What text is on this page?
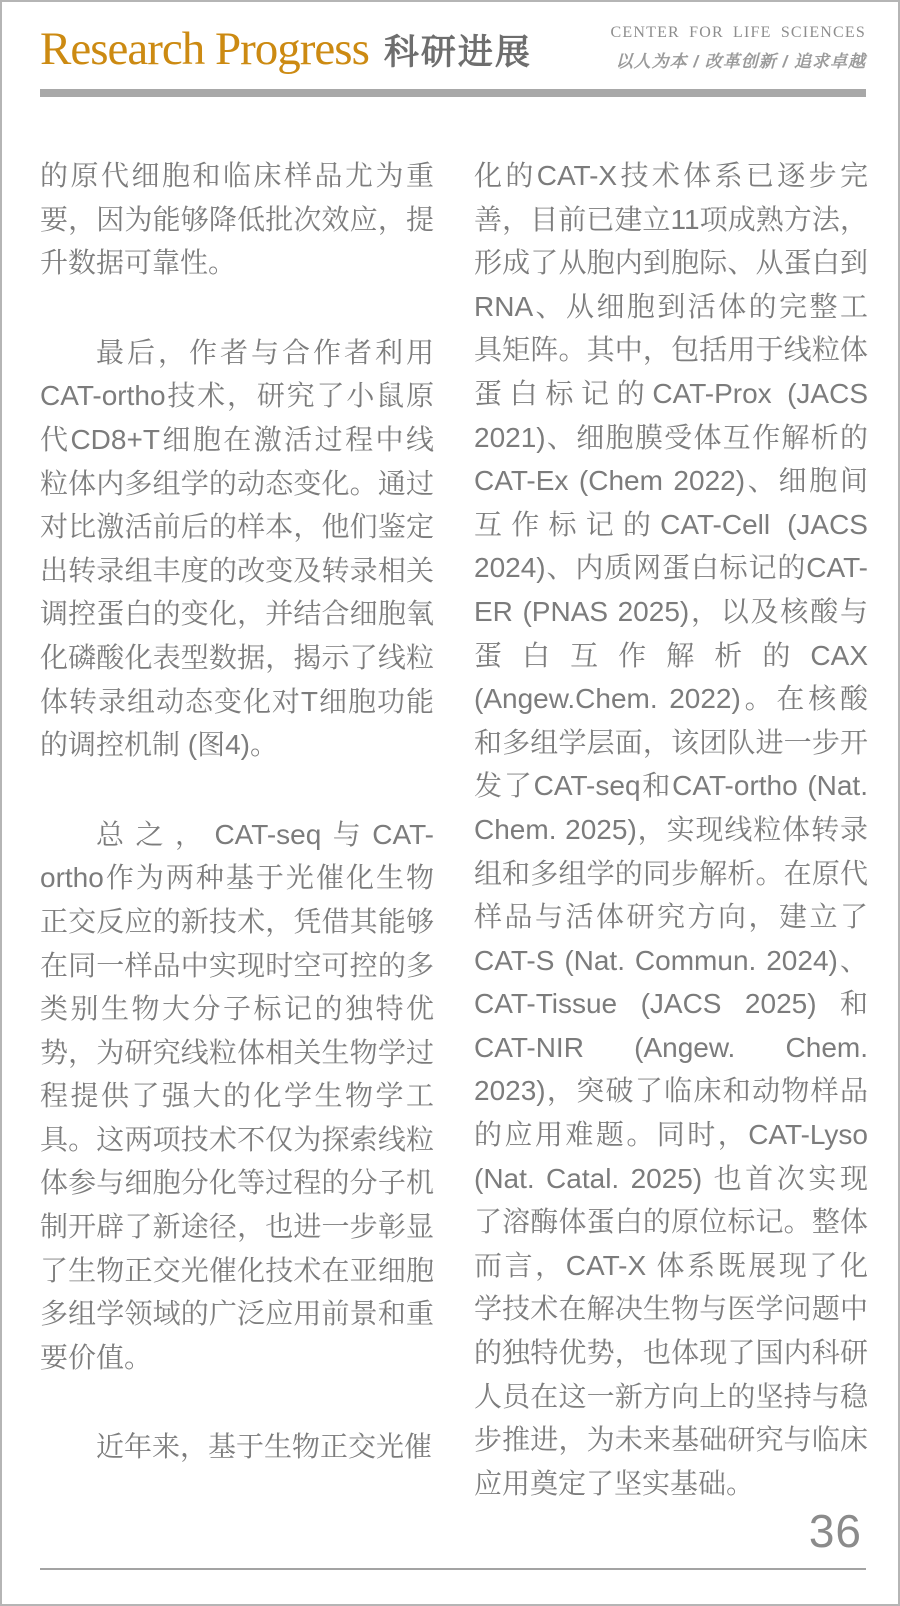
Research Progress 科研进展
CENTER FOR LIFE SCIENCES
以人为本 / 改革创新 / 追求卓越

的原代细胞和临床样品尤为重要，因为能够降低批次效应，提升数据可靠性。

最后，作者与合作者利用CAT-ortho技术，研究了小鼠原代CD8+T细胞在激活过程中线粒体内多组学的动态变化。通过对比激活前后的样本，他们鉴定出转录组丰度的改变及转录相关调控蛋白的变化，并结合细胞氧化磷酸化表型数据，揭示了线粒体转录组动态变化对T细胞功能的调控机制 (图4)。

总之，CAT-seq与CAT-ortho作为两种基于光催化生物正交反应的新技术，凭借其能够在同一样品中实现时空可控的多类别生物大分子标记的独特优势，为研究线粒体相关生物学过程提供了强大的化学生物学工具。这两项技术不仅为探索线粒体参与细胞分化等过程的分子机制开辟了新途径，也进一步彰显了生物正交光催化技术在亚细胞多组学领域的广泛应用前景和重要价值。

近年来，基于生物正交光催

化的CAT-X技术体系已逐步完善，目前已建立11项成熟方法，形成了从胞内到胞际、从蛋白到RNA、从细胞到活体的完整工具矩阵。其中，包括用于线粒体蛋白标记的CAT-Prox (JACS 2021)、细胞膜受体互作解析的CAT-Ex (Chem 2022)、细胞间互作标记的CAT-Cell (JACS 2024)、内质网蛋白标记的CAT-ER (PNAS 2025)，以及核酸与蛋白互作解析的CAX (Angew.Chem. 2022)。在核酸和多组学层面，该团队进一步开发了CAT-seq和CAT-ortho (Nat. Chem. 2025)，实现线粒体转录组和多组学的同步解析。在原代样品与活体研究方向，建立了CAT-S (Nat. Commun. 2024)、CAT-Tissue (JACS 2025) 和CAT-NIR (Angew. Chem. 2023)，突破了临床和动物样品的应用难题。同时，CAT-Lyso (Nat. Catal. 2025) 也首次实现了溶酶体蛋白的原位标记。整体而言，CAT-X 体系既展现了化学技术在解决生物与医学问题中的独特优势，也体现了国内科研人员在这一新方向上的坚持与稳步推进，为未来基础研究与临床应用奠定了坚实基础。

36
